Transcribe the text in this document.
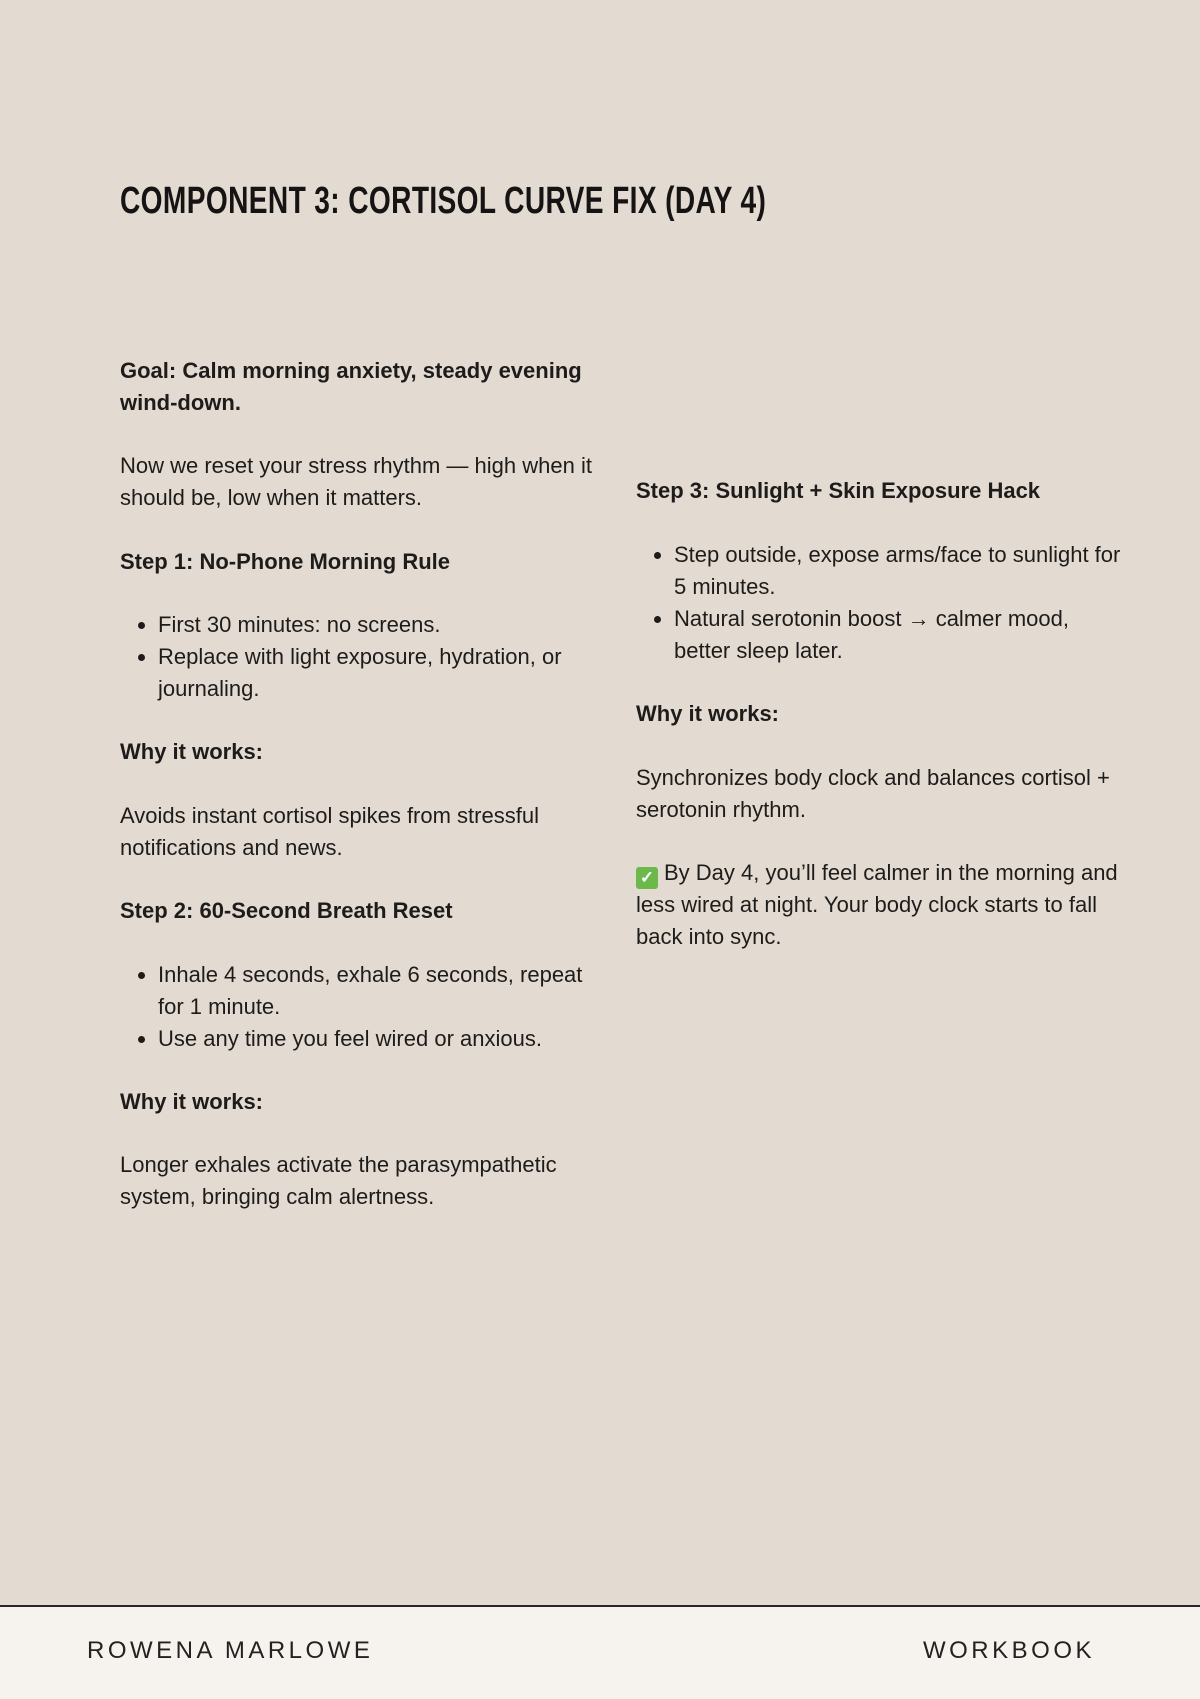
COMPONENT 3: CORTISOL CURVE FIX (DAY 4)
Goal: Calm morning anxiety, steady evening wind-down.
Now we reset your stress rhythm — high when it should be, low when it matters.
Step 1: No-Phone Morning Rule
• First 30 minutes: no screens.
• Replace with light exposure, hydration, or journaling.
Why it works:
Avoids instant cortisol spikes from stressful notifications and news.
Step 2: 60-Second Breath Reset
• Inhale 4 seconds, exhale 6 seconds, repeat for 1 minute.
• Use any time you feel wired or anxious.
Why it works:
Longer exhales activate the parasympathetic system, bringing calm alertness.
Step 3: Sunlight + Skin Exposure Hack
• Step outside, expose arms/face to sunlight for 5 minutes.
• Natural serotonin boost → calmer mood, better sleep later.
Why it works:
Synchronizes body clock and balances cortisol + serotonin rhythm.
✓ By Day 4, you’ll feel calmer in the morning and less wired at night. Your body clock starts to fall back into sync.
ROWENA MARLOWE	WORKBOOK
